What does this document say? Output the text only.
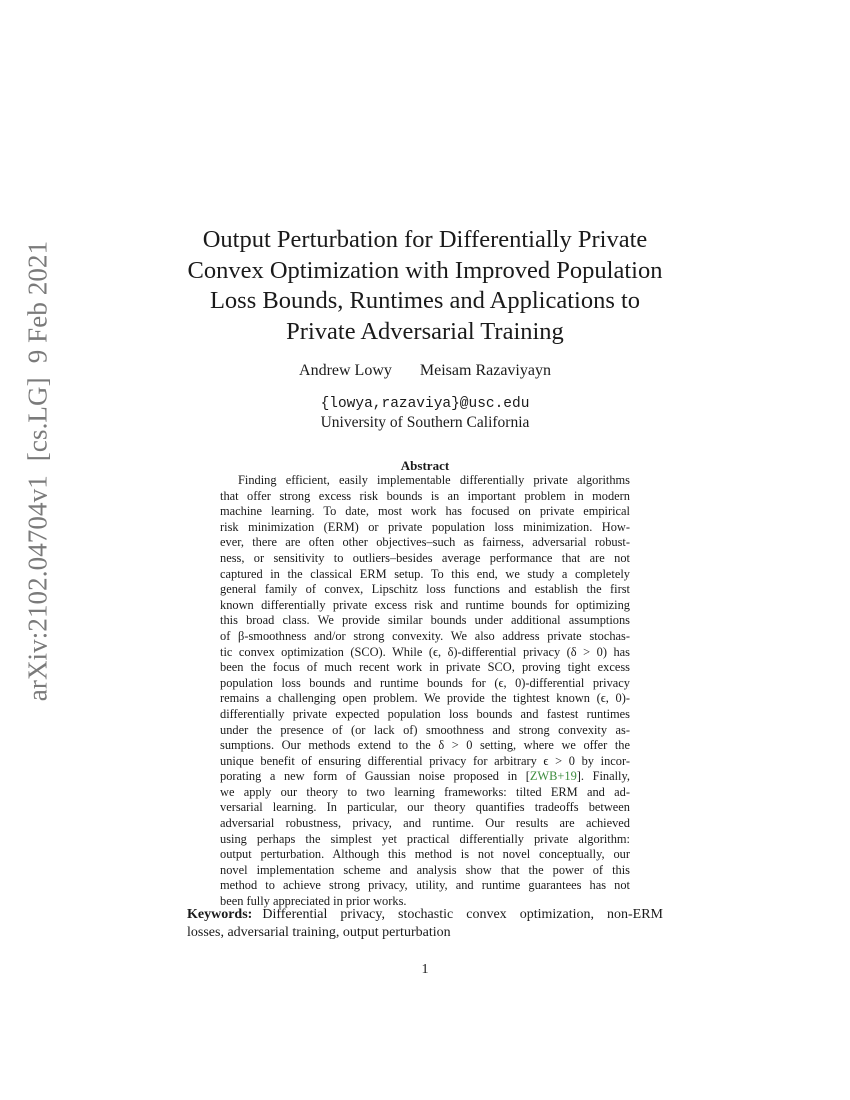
arXiv:2102.04704v1[cs.LG]9 Feb 2021
Output Perturbation for Differentially Private
Convex Optimization with Improved Population
Loss Bounds, Runtimes and Applications to
Private Adversarial Training
Andrew Lowy Meisam Razaviyayn
{lowya,razaviya}@usc.edu
University of Southern California
Abstract
Finding efficient, easily implementable differentially private algorithms
that offer strong excess risk bounds is an important problem in modern
machine learning. To date, most work has focused on private empirical
risk minimization (ERM) or private population loss minimization. How-
ever, there are often other objectives–such as fairness, adversarial robust-
ness, or sensitivity to outliers–besides average performance that are not
captured in the classical ERM setup. To this end, we study a completely
general family of convex, Lipschitz loss functions and establish the first
known differentially private excess risk and runtime bounds for optimizing
this broad class. We provide similar bounds under additional assumptions
of β-smoothness and/or strong convexity. We also address private stochas-
tic convex optimization (SCO). While (ϵ, δ)-differential privacy (δ > 0) has
been the focus of much recent work in private SCO, proving tight excess
population loss bounds and runtime bounds for (ϵ, 0)-differential privacy
remains a challenging open problem. We provide the tightest known (ϵ, 0)-
differentially private expected population loss bounds and fastest runtimes
under the presence of (or lack of) smoothness and strong convexity as-
sumptions. Our methods extend to the δ > 0 setting, where we offer the
unique benefit of ensuring differential privacy for arbitrary ϵ > 0 by incor-
porating a new form of Gaussian noise proposed in [ZWB+19]. Finally,
we apply our theory to two learning frameworks: tilted ERM and ad-
versarial learning. In particular, our theory quantifies tradeoffs between
adversarial robustness, privacy, and runtime. Our results are achieved
using perhaps the simplest yet practical differentially private algorithm:
output perturbation. Although this method is not novel conceptually, our
novel implementation scheme and analysis show that the power of this
method to achieve strong privacy, utility, and runtime guarantees has not
been fully appreciated in prior works.
Keywords: Differential privacy, stochastic convex optimization, non-ERM
losses, adversarial training, output perturbation
1
